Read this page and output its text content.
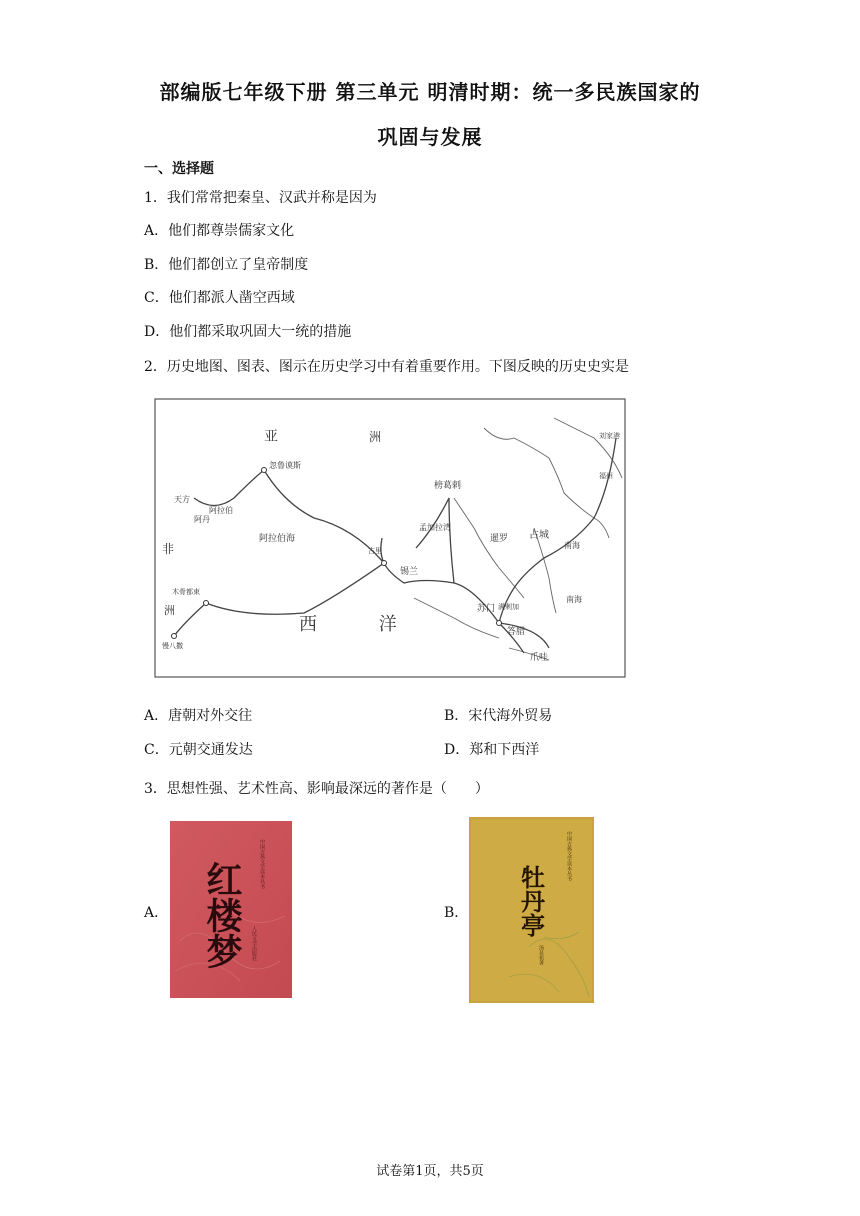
部编版七年级下册 第三单元 明清时期：统一多民族国家的
巩固与发展
一、选择题
1．我们常常把秦皇、汉武并称是因为
A．他们都尊崇儒家文化
B．他们都创立了皇帝制度
C．他们都派人凿空西域
D．他们都采取巩固大一统的措施
2．历史地图、图表、图示在历史学习中有着重要作用。下图反映的历史史实是
亚	洲
忽鲁谟斯
天方
阿丹
阿拉伯
阿拉伯海
非
木骨都束
洲
慢八撒
榜葛剌
孟加拉湾
古里
锡兰
暹罗 占城
满剌加
苏门
答腊
爪哇
福州
刘家港
西 洋
南海
南海
A．唐朝对外交往	B．宋代海外贸易
C．元朝交通发达	D．郑和下西洋
3．思想性强、艺术性高、影响最深远的著作是（　　）
A．
中国古典文学读本丛书
红楼梦 人民文学出版社
B．
中国古典文学读本丛书
牡丹亭
汤显祖著
试卷第1页，共5页
